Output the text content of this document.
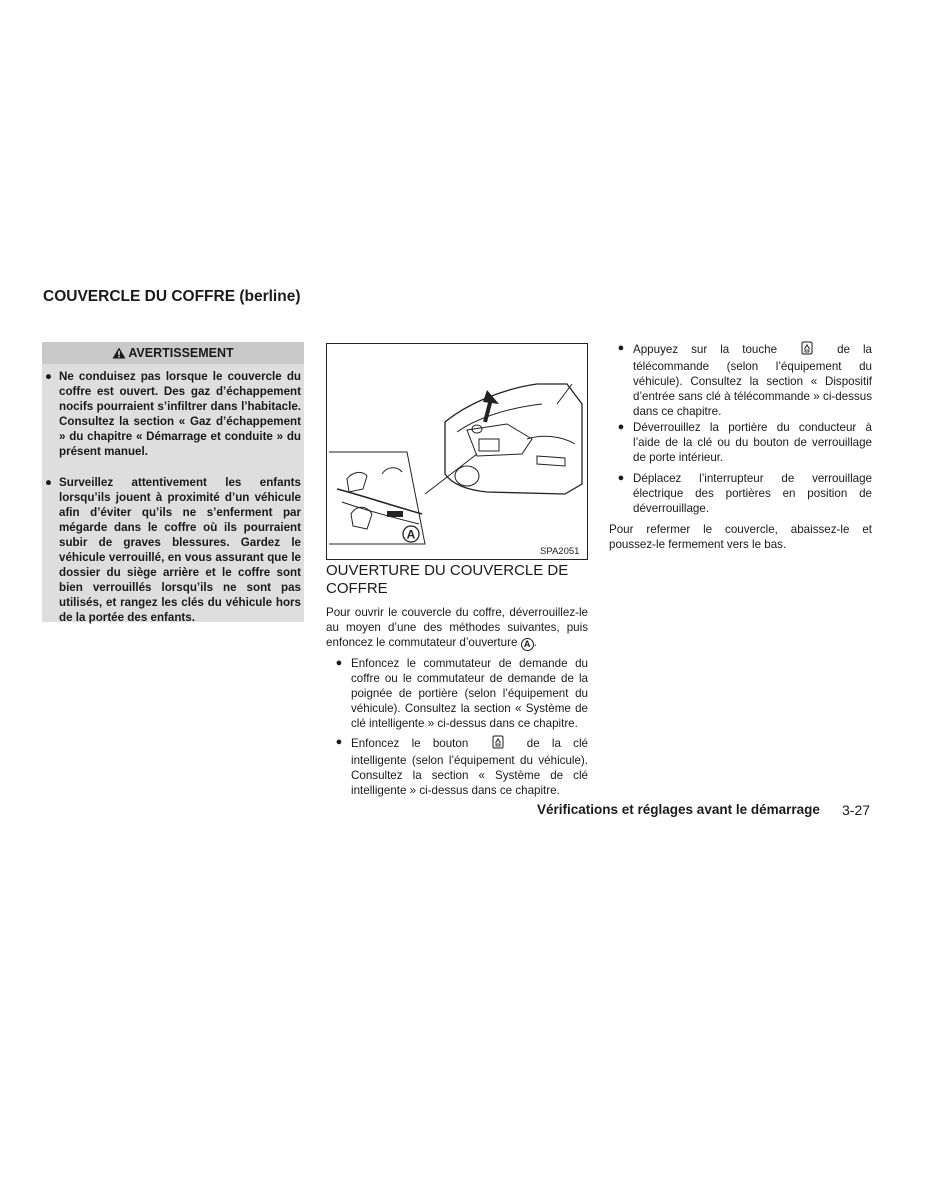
COUVERCLE DU COFFRE (berline)
AVERTISSEMENT
● Ne conduisez pas lorsque le couvercle du coffre est ouvert. Des gaz d’échappement nocifs pourraient s’infiltrer dans l’habitacle. Consultez la section « Gaz d’échappement » du chapitre « Démarrage et conduite » du présent manuel.
● Surveillez attentivement les enfants lorsqu’ils jouent à proximité d’un véhicule afin d’éviter qu’ils ne s’enferment par mégarde dans le coffre où ils pourraient subir de graves blessures. Gardez le véhicule verrouillé, en vous assurant que le dossier du siège arrière et le coffre sont bien verrouillés lorsqu’ils ne sont pas utilisés, et rangez les clés du véhicule hors de la portée des enfants.
A
SPA2051
OUVERTURE DU COUVERCLE DE COFFRE
Pour ouvrir le couvercle du coffre, déverrouillez-le au moyen d’une des méthodes suivantes, puis enfoncez le commutateur d’ouverture A .
● Enfoncez le commutateur de demande du coffre ou le commutateur de demande de la poignée de portière (selon l’équipement du véhicule). Consultez la section « Système de clé intelligente » ci-dessus dans ce chapitre.
● Enfoncez le bouton	de la clé intelligente (selon l’équipement du véhicule). Consultez la section « Système de clé intelligente » ci-dessus dans ce chapitre.
● Appuyez sur la touche	de la télécommande (selon l’équipement du véhicule). Consultez la section « Dispositif d’entrée sans clé à télécommande » ci-dessus dans ce chapitre.
● Déverrouillez la portière du conducteur à l’aide de la clé ou du bouton de verrouillage de porte intérieur.
● Déplacez l’interrupteur de verrouillage électrique des portières en position de déverrouillage.
Pour refermer le couvercle, abaissez-le et poussez-le fermement vers le bas.
Vérifications et réglages avant le démarrage 3-27
